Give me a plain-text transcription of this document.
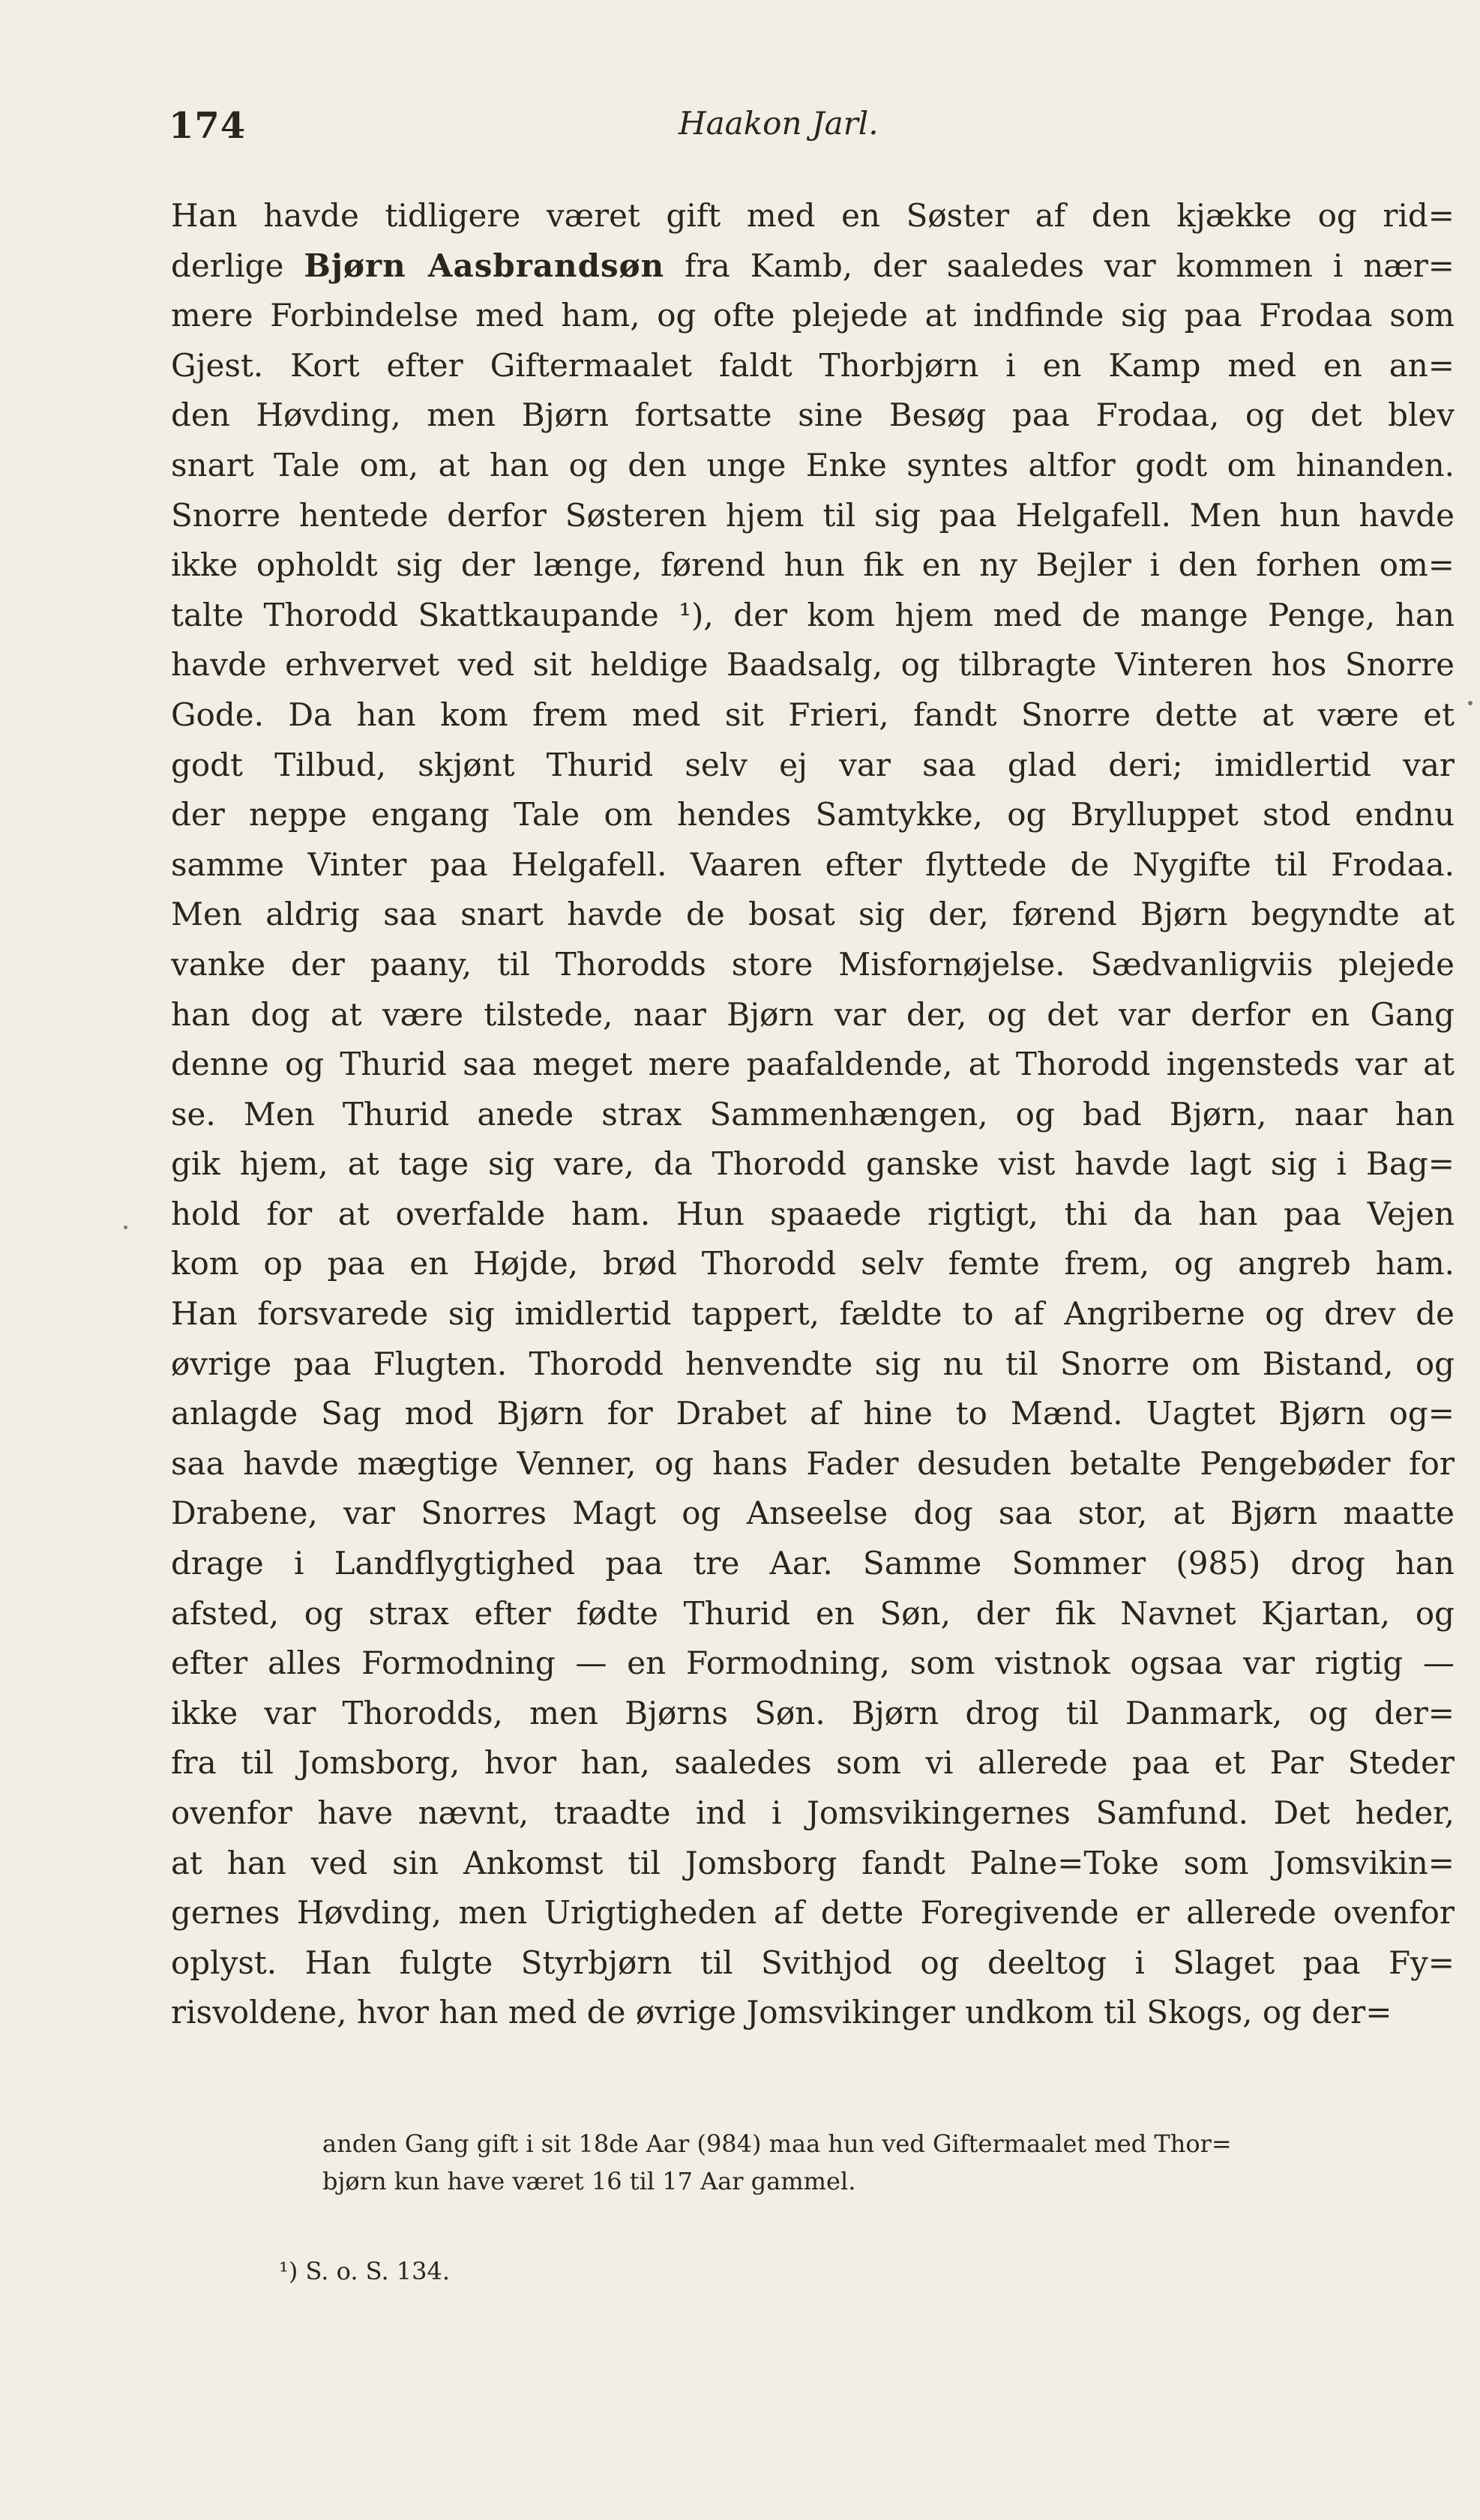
174	Haakon Jarl.
Han havde tidligere været gift med en Søster af den kjække og rid=
derlige Bjørn Aasbrandsøn fra Kamb, der saaledes var kommen i nær=
mere Forbindelse med ham, og ofte plejede at indfinde sig paa Frodaa som
Gjest. Kort efter Giftermaalet faldt Thorbjørn i en Kamp med en an=
den Høvding, men Bjørn fortsatte sine Besøg paa Frodaa, og det blev
snart Tale om, at han og den unge Enke syntes altfor godt om hinanden.
Snorre hentede derfor Søsteren hjem til sig paa Helgafell. Men hun havde
ikke opholdt sig der længe, førend hun fik en ny Bejler i den forhen om=
talte Thorodd Skattkaupande ¹), der kom hjem med de mange Penge, han
havde erhvervet ved sit heldige Baadsalg, og tilbragte Vinteren hos Snorre
Gode. Da han kom frem med sit Frieri, fandt Snorre dette at være et
godt Tilbud, skjønt Thurid selv ej var saa glad deri; imidlertid var
der neppe engang Tale om hendes Samtykke, og Brylluppet stod endnu
samme Vinter paa Helgafell. Vaaren efter flyttede de Nygifte til Frodaa.
Men aldrig saa snart havde de bosat sig der, førend Bjørn begyndte at
vanke der paany, til Thorodds store Misfornøjelse. Sædvanligviis plejede
han dog at være tilstede, naar Bjørn var der, og det var derfor en Gang
denne og Thurid saa meget mere paafaldende, at Thorodd ingensteds var at
se. Men Thurid anede strax Sammenhængen, og bad Bjørn, naar han
gik hjem, at tage sig vare, da Thorodd ganske vist havde lagt sig i Bag=
hold for at overfalde ham. Hun spaaede rigtigt, thi da han paa Vejen
kom op paa en Højde, brød Thorodd selv femte frem, og angreb ham.
Han forsvarede sig imidlertid tappert, fældte to af Angriberne og drev de
øvrige paa Flugten. Thorodd henvendte sig nu til Snorre om Bistand, og
anlagde Sag mod Bjørn for Drabet af hine to Mænd. Uagtet Bjørn og=
saa havde mægtige Venner, og hans Fader desuden betalte Pengebøder for
Drabene, var Snorres Magt og Anseelse dog saa stor, at Bjørn maatte
drage i Landflygtighed paa tre Aar. Samme Sommer (985) drog han
afsted, og strax efter fødte Thurid en Søn, der fik Navnet Kjartan, og
efter alles Formodning — en Formodning, som vistnok ogsaa var rigtig —
ikke var Thorodds, men Bjørns Søn. Bjørn drog til Danmark, og der=
fra til Jomsborg, hvor han, saaledes som vi allerede paa et Par Steder
ovenfor have nævnt, traadte ind i Jomsvikingernes Samfund. Det heder,
at han ved sin Ankomst til Jomsborg fandt Palne=Toke som Jomsvikin=
gernes Høvding, men Urigtigheden af dette Foregivende er allerede ovenfor
oplyst. Han fulgte Styrbjørn til Svithjod og deeltog i Slaget paa Fy=
risvoldene, hvor han med de øvrige Jomsvikinger undkom til Skogs, og der=
anden Gang gift i sit 18de Aar (984) maa hun ved Giftermaalet med Thor=
bjørn kun have været 16 til 17 Aar gammel.
¹) S. o. S. 134.
